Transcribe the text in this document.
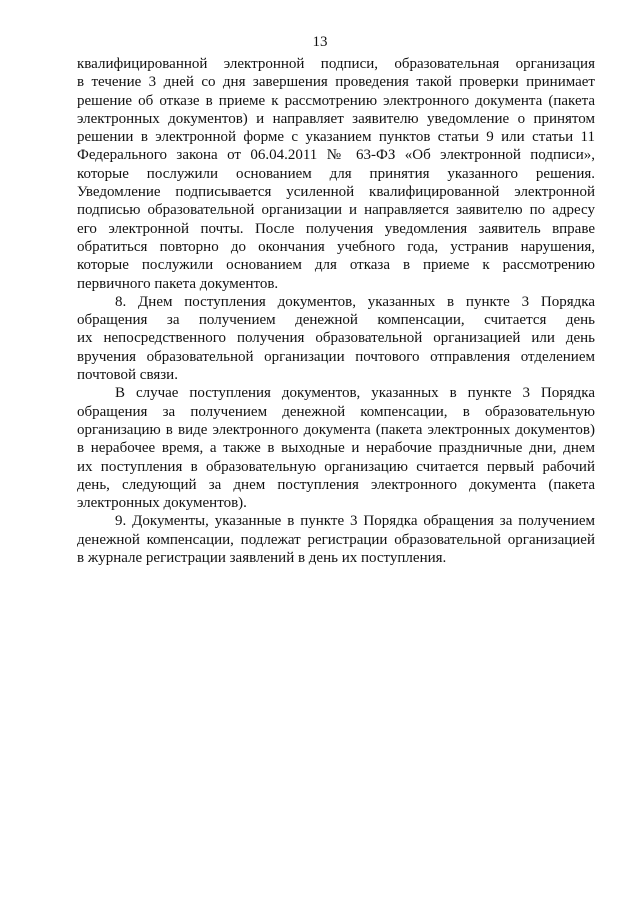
13

квалифицированной электронной подписи, образовательная организация
в течение 3 дней со дня завершения проведения такой проверки принимает
решение об отказе в приеме к рассмотрению электронного документа (пакета
электронных документов) и направляет заявителю уведомление о принятом
решении в электронной форме с указанием пунктов статьи 9 или статьи 11
Федерального закона от 06.04.2011 № 63-ФЗ «Об электронной подписи»,
которые послужили основанием для принятия указанного решения.
Уведомление подписывается усиленной квалифицированной электронной
подписью образовательной организации и направляется заявителю по адресу
его электронной почты. После получения уведомления заявитель вправе
обратиться повторно до окончания учебного года, устранив нарушения,
которые послужили основанием для отказа в приеме к рассмотрению
первичного пакета документов.

8. Днем поступления документов, указанных в пункте 3 Порядка
обращения за получением денежной компенсации, считается день
их непосредственного получения образовательной организацией или день
вручения образовательной организации почтового отправления отделением
почтовой связи.

В случае поступления документов, указанных в пункте 3 Порядка
обращения за получением денежной компенсации, в образовательную
организацию в виде электронного документа (пакета электронных документов)
в нерабочее время, а также в выходные и нерабочие праздничные дни, днем
их поступления в образовательную организацию считается первый рабочий
день, следующий за днем поступления электронного документа (пакета
электронных документов).

9. Документы, указанные в пункте 3 Порядка обращения за получением
денежной компенсации, подлежат регистрации образовательной организацией
в журнале регистрации заявлений в день их поступления.
